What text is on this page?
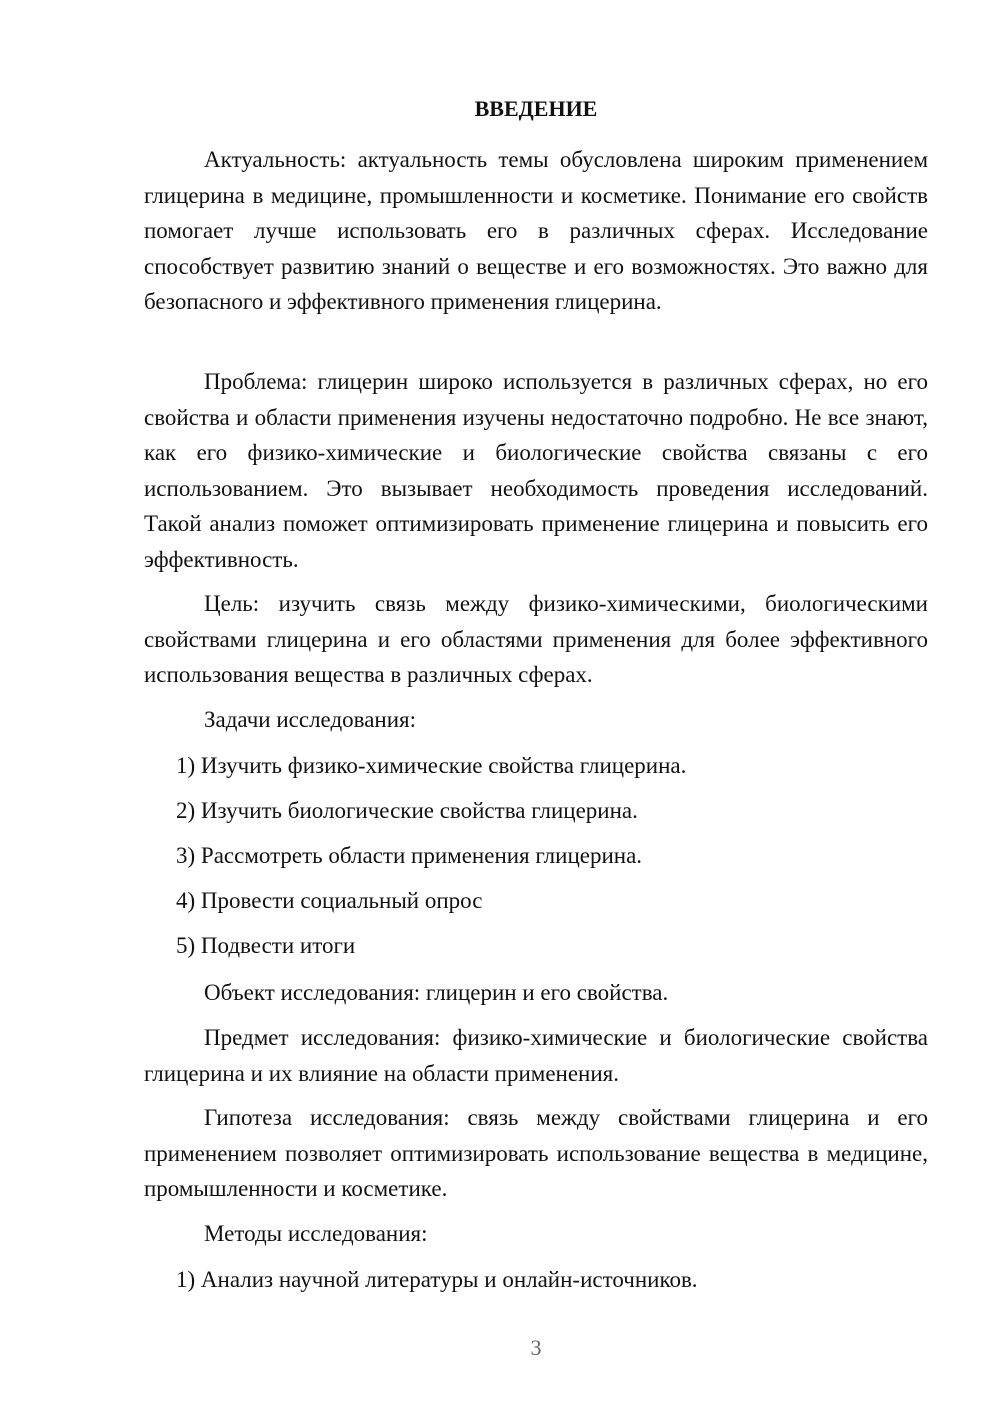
ВВЕДЕНИЕ

Актуальность: актуальность темы обусловлена широким применением глицерина в медицине, промышленности и косметике. Понимание его свойств помогает лучше использовать его в различных сферах. Исследование способствует развитию знаний о веществе и его возможностях. Это важно для безопасного и эффективного применения глицерина.

Проблема: глицерин широко используется в различных сферах, но его свойства и области применения изучены недостаточно подробно. Не все знают, как его физико-химические и биологические свойства связаны с его использованием. Это вызывает необходимость проведения исследований. Такой анализ поможет оптимизировать применение глицерина и повысить его эффективность.

Цель: изучить связь между физико-химическими, биологическими свойствами глицерина и его областями применения для более эффективного использования вещества в различных сферах.

Задачи исследования:

1) Изучить физико-химические свойства глицерина.

2) Изучить биологические свойства глицерина.

3) Рассмотреть области применения глицерина.

4) Провести социальный опрос

5) Подвести итоги

Объект исследования: глицерин и его свойства.

Предмет исследования: физико-химические и биологические свойства глицерина и их влияние на области применения.

Гипотеза исследования: связь между свойствами глицерина и его применением позволяет оптимизировать использование вещества в медицине, промышленности и косметике.

Методы исследования:

1) Анализ научной литературы и онлайн-источников.

3
